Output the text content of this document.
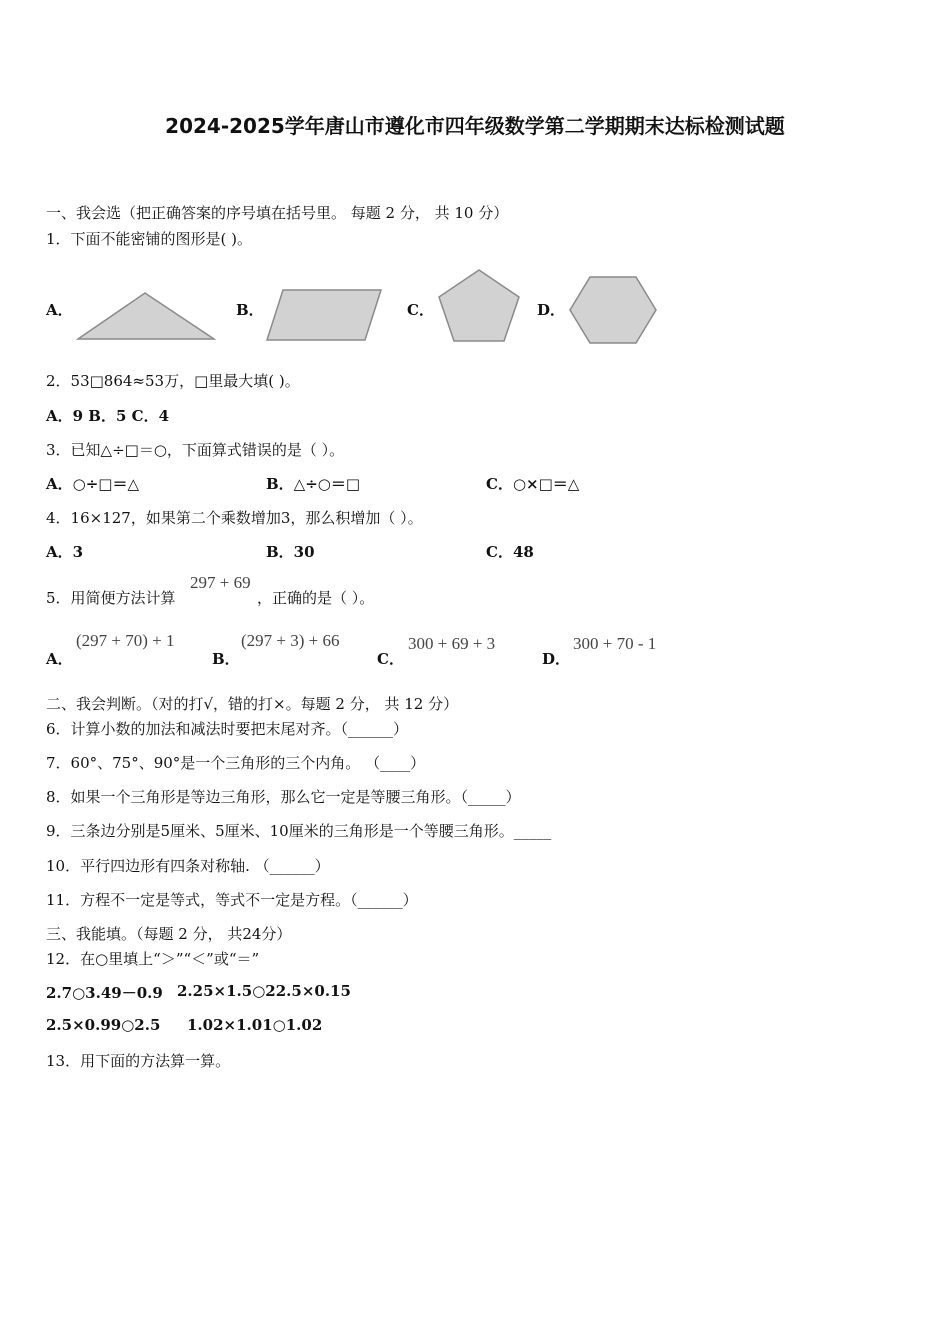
2024-2025学年唐山市遵化市四年级数学第二学期期末达标检测试题
一、我会选（把正确答案的序号填在括号里。 每题 2 分， 共 10 分）
1．下面不能密铺的图形是( )。
A．	B．	C．	D．
2．53□864≈53万，□里最大填( )。
A．9 B．5 C．4
3．已知△÷□＝○，下面算式错误的是（ ）。
A．○÷□＝△	B．△÷○＝□	C．○×□＝△
4．16×127，如果第二个乘数增加3，那么积增加（ ）。
A．3	B．30	C．48
5．用简便方法计算
297 + 69
，正确的是（ ）。
A．
(297 + 70) + 1
B．
(297 + 3) + 66
C．
300 + 69 + 3
D．
300 + 70 - 1
二、我会判断。（对的打√，错的打×。每题 2 分， 共 12 分）
6．计算小数的加法和减法时要把末尾对齐。（______）
7．60°、75°、90°是一个三角形的三个内角。 （____）
8．如果一个三角形是等边三角形，那么它一定是等腰三角形。（_____）
9．三条边分别是5厘米、5厘米、10厘米的三角形是一个等腰三角形。_____
10．平行四边形有四条对称轴. （______）
11．方程不一定是等式，等式不一定是方程。（______）
三、我能填。（每题 2 分， 共24分）
12．在○里填上“＞”“＜”或“＝”
2.7○3.49－0.9 2.25×1.5○22.5×0.15
2.5×0.99○2.5 1.02×1.01○1.02
13．用下面的方法算一算。
